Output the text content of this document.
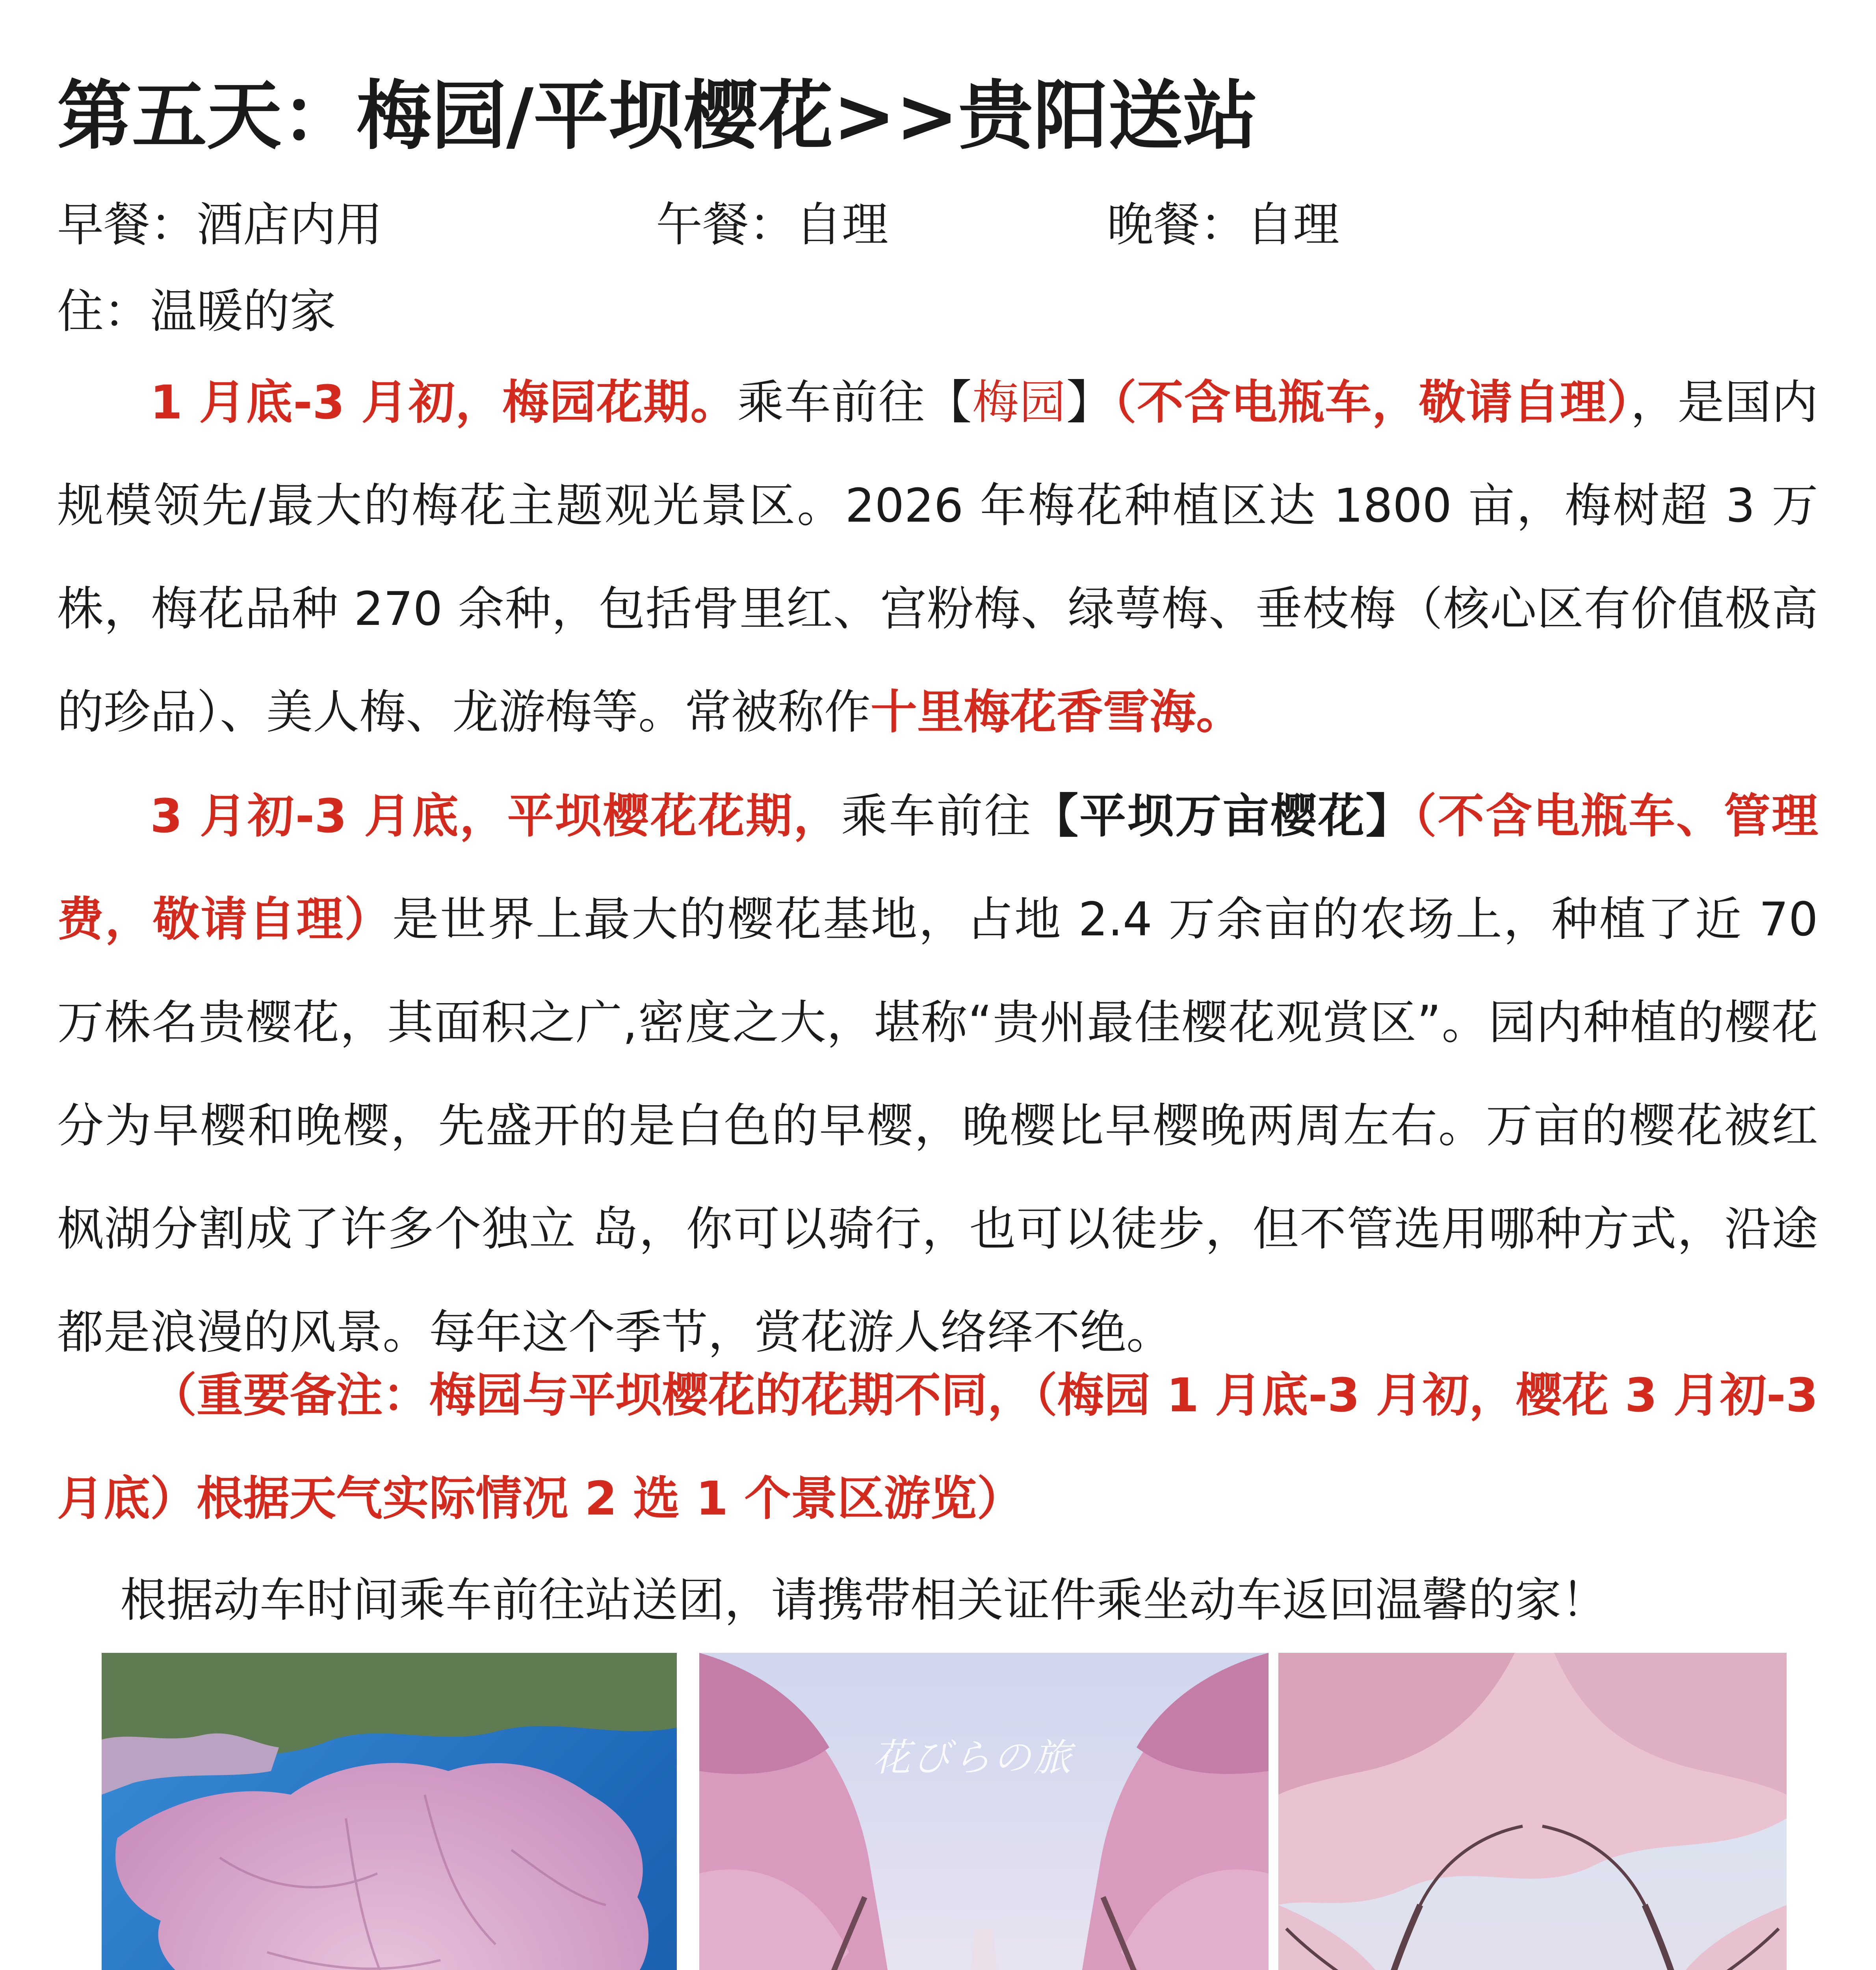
第五天：梅园/平坝樱花>>贵阳送站
早餐：酒店内用	午餐：自理	晚餐：自理
住：温暖的家

1 月底-3 月初，梅园花期。乘车前往【梅园】（不含电瓶车，敬请自理），是国内规模领先/最大的梅花主题观光景区。2026 年梅花种植区达 1800 亩，梅树超 3 万株，梅花品种 270 余种，包括骨里红、宫粉梅、绿萼梅、垂枝梅（核心区有价值极高的珍品）、美人梅、龙游梅等。常被称作十里梅花香雪海。

3 月初-3 月底，平坝樱花花期，乘车前往【平坝万亩樱花】（不含电瓶车、管理费，敬请自理）是世界上最大的樱花基地，占地 2.4 万余亩的农场上，种植了近 70 万株名贵樱花，其面积之广,密度之大，堪称“贵州最佳樱花观赏区”。园内种植的樱花分为早樱和晚樱，先盛开的是白色的早樱，晚樱比早樱晚两周左右。万亩的樱花被红枫湖分割成了许多个独立 岛，你可以骑行，也可以徒步，但不管选用哪种方式，沿途都是浪漫的风景。每年这个季节，赏花游人络绎不绝。

（重要备注：梅园与平坝樱花的花期不同，（梅园 1 月底-3 月初，樱花 3 月初-3 月底）根据天气实际情况 2 选 1 个景区游览）

根据动车时间乘车前往站送团，请携带相关证件乘坐动车返回温馨的家！

花びらの旅
